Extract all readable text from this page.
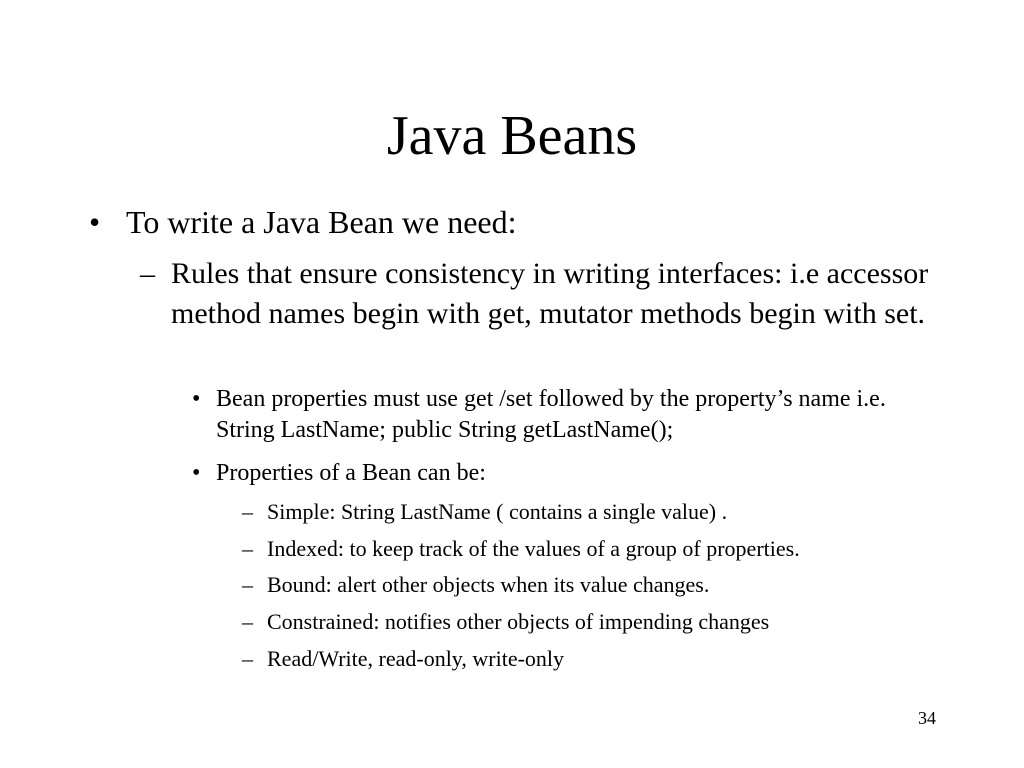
Java Beans
• To write a Java Bean we need:
– Rules that ensure consistency in writing interfaces: i.e accessor method names begin with get, mutator methods begin with set.
• Bean properties must use get /set followed by the property’s name i.e. String LastName; public String getLastName();
• Properties of a Bean can be:
– Simple: String LastName ( contains a single value) .
– Indexed: to keep track of the values of a group of properties.
– Bound: alert other objects when its value changes.
– Constrained: notifies other objects of impending changes
– Read/Write, read-only, write-only
34
